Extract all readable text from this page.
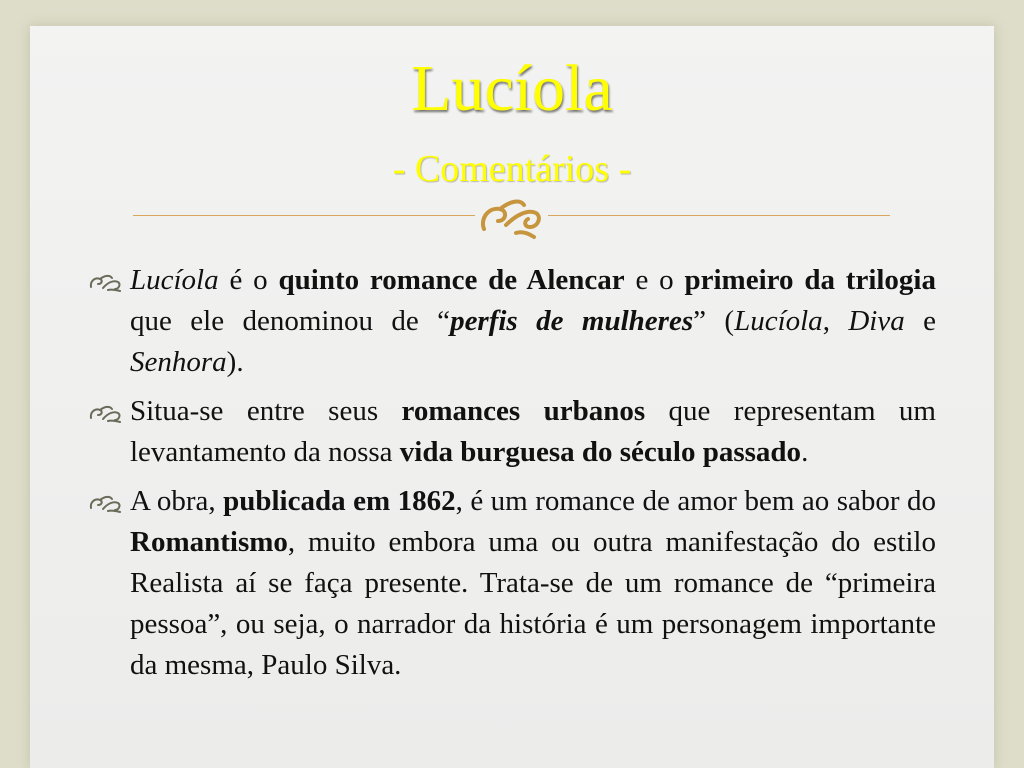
Lucíola
- Comentários -
Lucíola é o quinto romance de Alencar e o primeiro da trilogia que ele denominou de “perfis de mulheres” (Lucíola, Diva e Senhora).
Situa-se entre seus romances urbanos que representam um levantamento da nossa vida burguesa do século passado.
A obra, publicada em 1862, é um romance de amor bem ao sabor do Romantismo, muito embora uma ou outra manifestação do estilo Realista aí se faça presente. Trata-se de um romance de “primeira pessoa”, ou seja, o narrador da história é um personagem importante da mesma, Paulo Silva.
